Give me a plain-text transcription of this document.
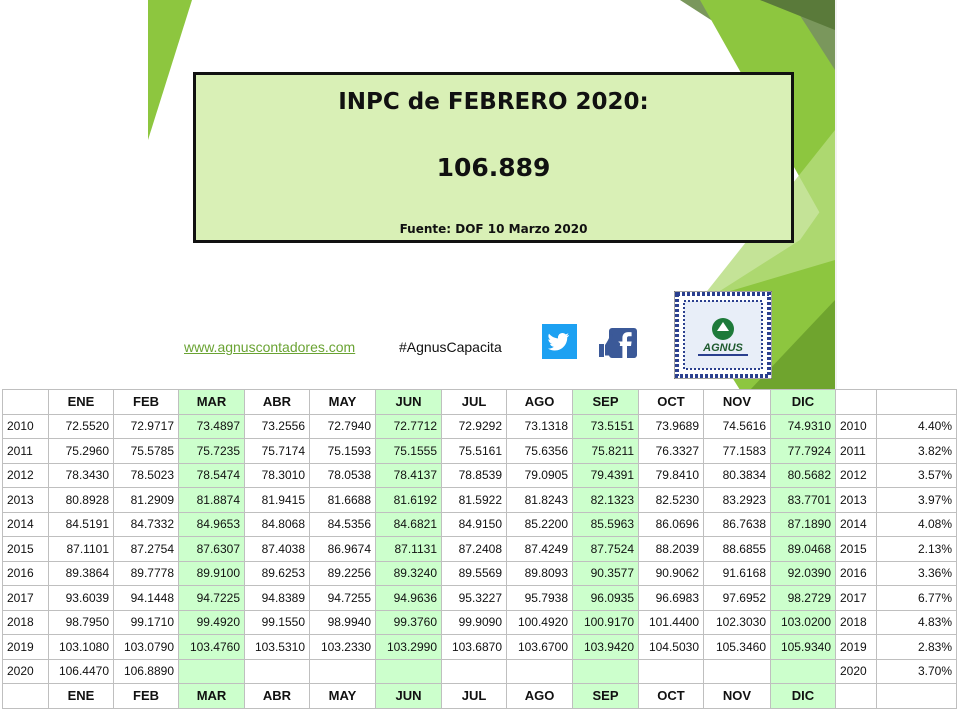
INPC de FEBRERO 2020:
106.889
Fuente: DOF 10 Marzo 2020
www.agnuscontadores.com	#AgnusCapacita	AGNUS
	ENE	FEB	MAR	ABR	MAY	JUN	JUL	AGO	SEP	OCT	NOV	DIC		
2010	72.5520	72.9717	73.4897	73.2556	72.7940	72.7712	72.9292	73.1318	73.5151	73.9689	74.5616	74.9310	2010	4.40%
2011	75.2960	75.5785	75.7235	75.7174	75.1593	75.1555	75.5161	75.6356	75.8211	76.3327	77.1583	77.7924	2011	3.82%
2012	78.3430	78.5023	78.5474	78.3010	78.0538	78.4137	78.8539	79.0905	79.4391	79.8410	80.3834	80.5682	2012	3.57%
2013	80.8928	81.2909	81.8874	81.9415	81.6688	81.6192	81.5922	81.8243	82.1323	82.5230	83.2923	83.7701	2013	3.97%
2014	84.5191	84.7332	84.9653	84.8068	84.5356	84.6821	84.9150	85.2200	85.5963	86.0696	86.7638	87.1890	2014	4.08%
2015	87.1101	87.2754	87.6307	87.4038	86.9674	87.1131	87.2408	87.4249	87.7524	88.2039	88.6855	89.0468	2015	2.13%
2016	89.3864	89.7778	89.9100	89.6253	89.2256	89.3240	89.5569	89.8093	90.3577	90.9062	91.6168	92.0390	2016	3.36%
2017	93.6039	94.1448	94.7225	94.8389	94.7255	94.9636	95.3227	95.7938	96.0935	96.6983	97.6952	98.2729	2017	6.77%
2018	98.7950	99.1710	99.4920	99.1550	98.9940	99.3760	99.9090	100.4920	100.9170	101.4400	102.3030	103.0200	2018	4.83%
2019	103.1080	103.0790	103.4760	103.5310	103.2330	103.2990	103.6870	103.6700	103.9420	104.5030	105.3460	105.9340	2019	2.83%
2020	106.4470	106.8890											2020	3.70%
	ENE	FEB	MAR	ABR	MAY	JUN	JUL	AGO	SEP	OCT	NOV	DIC		
